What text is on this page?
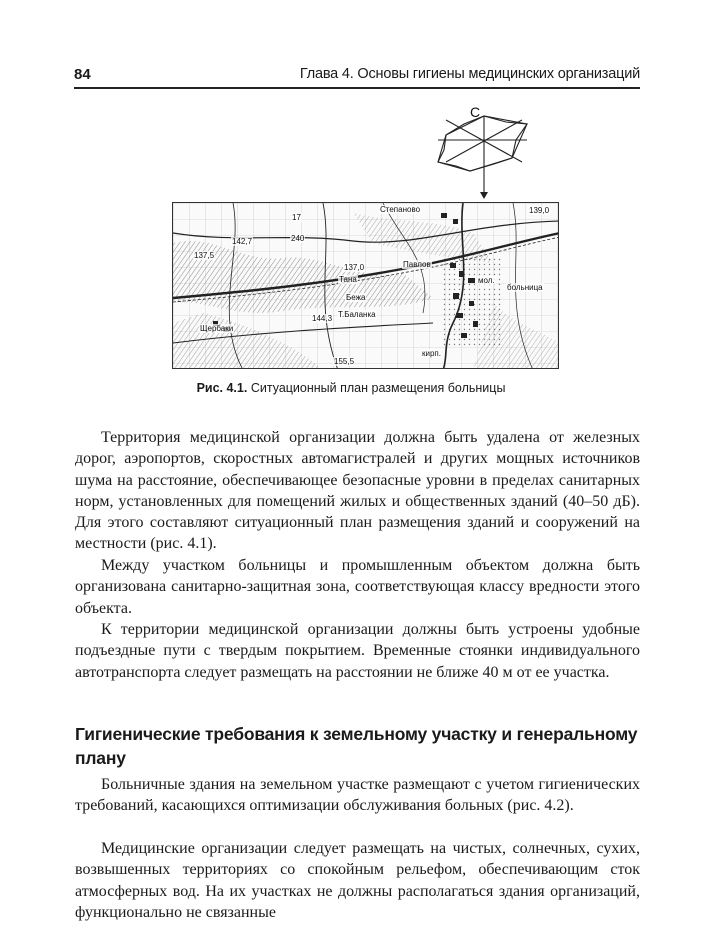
84	Глава 4. Основы гигиены медицинских организаций
С
Степаново	139,0
17
240
142,7
137,5
137,0
Тана
Павлов
мол.
больница
Бежа
144,3 Т.Баланка
Щербаки
кирп.
155,5
Рис. 4.1. Ситуационный план размещения больницы

Территория медицинской организации должна быть удалена от железных дорог, аэропортов, скоростных автомагистралей и других мощных источников шума на расстояние, обеспечивающее безопасные уровни в пределах санитарных норм, установленных для помещений жилых и общественных зданий (40–50 дБ). Для этого составляют ситуационный план размещения зданий и сооружений на местности (рис. 4.1).

Между участком больницы и промышленным объектом должна быть организована санитарно-защитная зона, соответствующая классу вредности этого объекта.

К территории медицинской организации должны быть устроены удобные подъездные пути с твердым покрытием. Временные стоянки индивидуального автотранспорта следует размещать на расстоянии не ближе 40 м от ее участка.

Гигиенические требования к земельному участку и генеральному плану

Больничные здания на земельном участке размещают с учетом гигиенических требований, касающихся оптимизации обслуживания больных (рис. 4.2).

Медицинские организации следует размещать на чистых, солнечных, сухих, возвышенных территориях со спокойным рельефом, обеспечивающим сток атмосферных вод. На их участках не должны располагаться здания организаций, функционально не связанные
